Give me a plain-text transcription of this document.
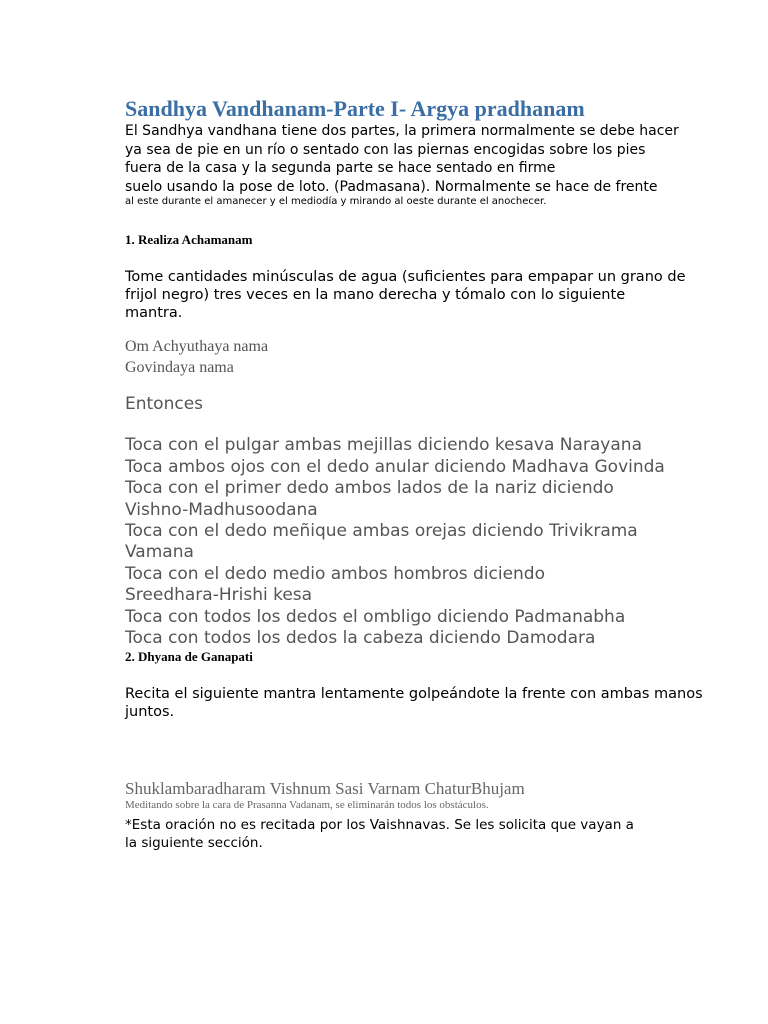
Sandhya Vandhanam-Parte I- Argya pradhanam

El Sandhya vandhana tiene dos partes, la primera normalmente se debe hacer

ya sea de pie en un río o sentado con las piernas encogidas sobre los pies

fuera de la casa y la segunda parte se hace sentado en firme

suelo usando la pose de loto. (Padmasana). Normalmente se hace de frente

al este durante el amanecer y el mediodía y mirando al oeste durante el anochecer.

1. Realiza Achamanam
Tome cantidades minúsculas de agua (suficientes para empapar un grano de
frijol negro) tres veces en la mano derecha y tómalo con lo siguiente
mantra.

Om Achyuthaya nama

Govindaya nama

Entonces

Toca con el pulgar ambas mejillas diciendo kesava Narayana
Toca ambos ojos con el dedo anular diciendo Madhava Govinda
Toca con el primer dedo ambos lados de la nariz diciendo
Vishno-Madhusoodana
Toca con el dedo meñique ambas orejas diciendo Trivikrama
Vamana
Toca con el dedo medio ambos hombros diciendo
Sreedhara-Hrishi kesa
Toca con todos los dedos el ombligo diciendo Padmanabha
Toca con todos los dedos la cabeza diciendo Damodara
2. Dhyana de Ganapati
Recita el siguiente mantra lentamente golpeándote la frente con ambas manos
juntos.

Shuklambaradharam Vishnum Sasi Varnam ChaturBhujam

Meditando sobre la cara de Prasanna Vadanam, se eliminarán todos los obstáculos.

*Esta oración no es recitada por los Vaishnavas. Se les solicita que vayan a

la siguiente sección.
